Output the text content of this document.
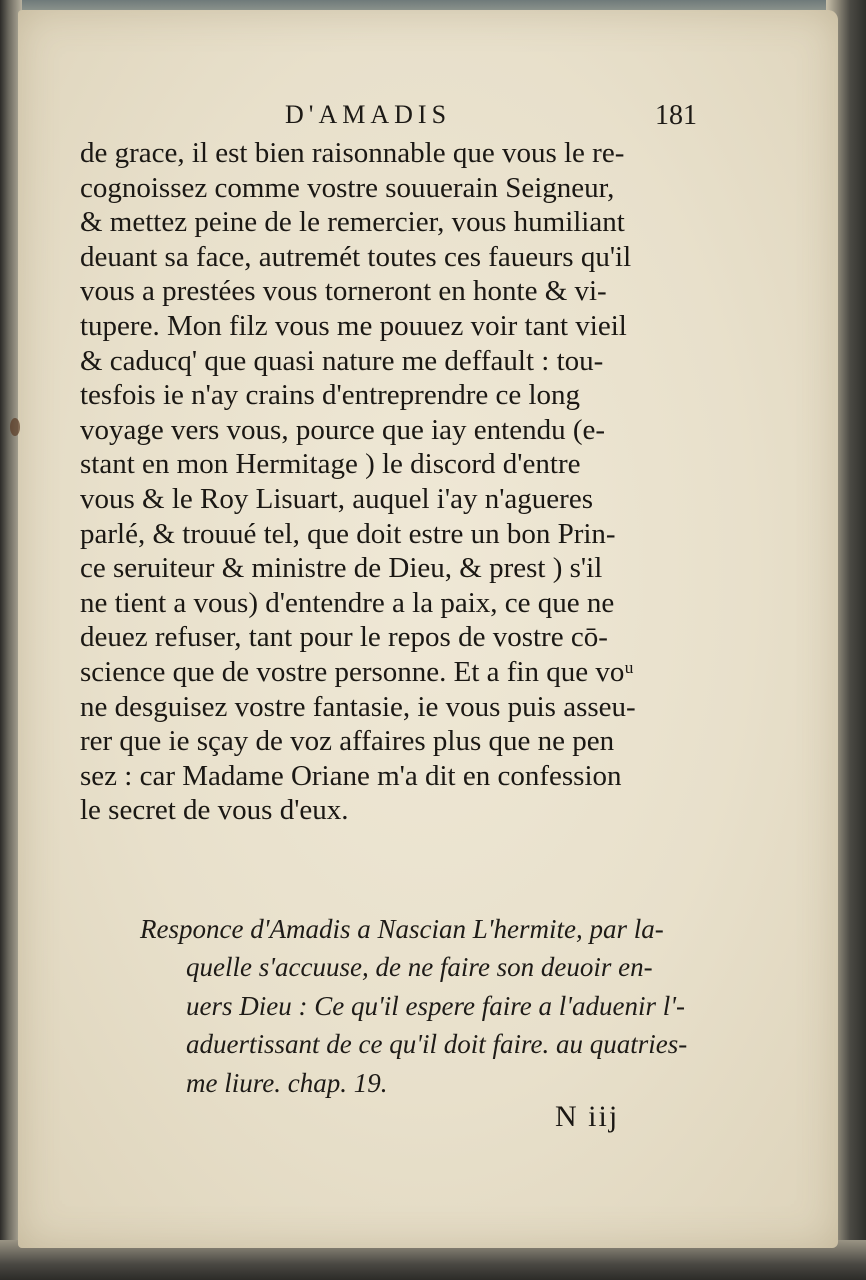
D'AMADIS	181
de grace, il est bien raisonnable que vous le re-
cognoissez comme vostre souuerain Seigneur,
& mettez peine de le remercier, vous humiliant
deuant sa face, autremét toutes ces faueurs qu'il
vous a prestées vous torneront en honte & vi-
tupere. Mon filz vous me pouuez voir tant vieil
& caducq' que quasi nature me deffault : tou-
tesfois ie n'ay crains d'entreprendre ce long
voyage vers vous, pource que iay entendu (e-
stant en mon Hermitage ) le discord d'entre
vous & le Roy Lisuart, auquel i'ay n'agueres
parlé, & trouué tel, que doit estre un bon Prin-
ce seruiteur & ministre de Dieu, & prest ) s'il
ne tient a vous) d'entendre a la paix, ce que ne
deuez refuser, tant pour le repos de vostre cō-
science que de vostre personne. Et a fin que voᵘ
ne desguisez vostre fantasie, ie vous puis asseu-
rer que ie sçay de voz affaires plus que ne pen
sez : car Madame Oriane m'a dit en confession
le secret de vous d'eux.
Responce d'Amadis a Nascian L'hermite, par la-
quelle s'accuuse, de ne faire son deuoir en-
uers Dieu : Ce qu'il espere faire a l'aduenir l'-
aduertissant de ce qu'il doit faire. au quatries-
me liure. chap. 19.
N iij
